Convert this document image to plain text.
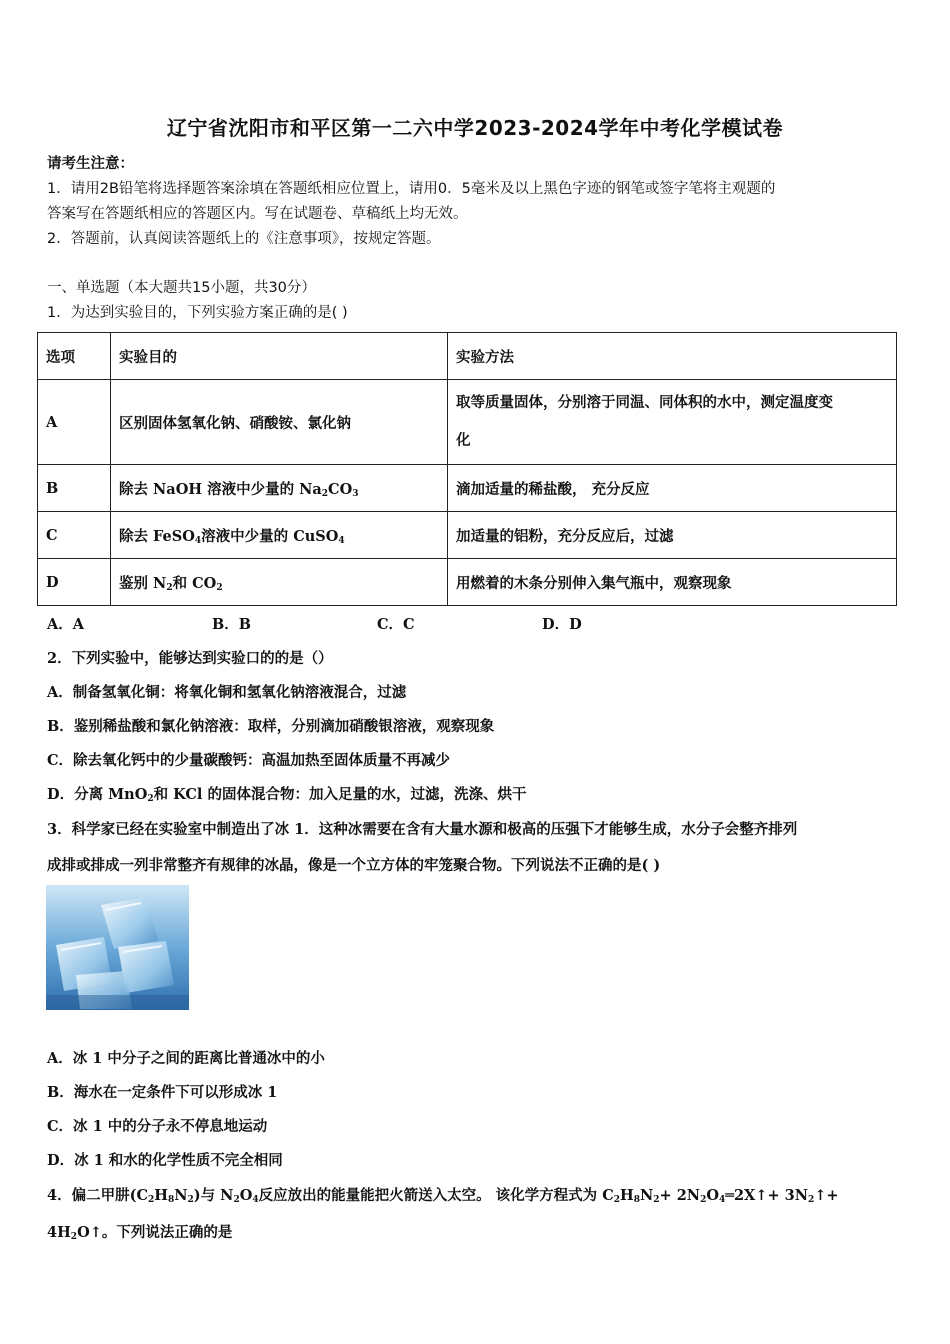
辽宁省沈阳市和平区第一二六中学2023-2024学年中考化学模试卷
请考生注意：
1．请用2B铅笔将选择题答案涂填在答题纸相应位置上，请用0．5毫米及以上黑色字迹的钢笔或签字笔将主观题的
答案写在答题纸相应的答题区内。写在试题卷、草稿纸上均无效。
2．答题前，认真阅读答题纸上的《注意事项》，按规定答题。
一、单选题（本大题共15小题，共30分）
1．为达到实验目的，下列实验方案正确的是( )
选项	实验目的	实验方法
A	区别固体氢氧化钠、硝酸铵、氯化钠	取等质量固体，分别溶于同温、同体积的水中，测定温度变
化

B	除去 NaOH 溶液中少量的 $Na_2CO_3$	滴加适量的稀盐酸， 充分反应
C	除去 FeSO$_4$溶液中少量的 CuSO$_4$	加适量的铝粉，充分反应后，过滤
D	鉴别 $N_2$和 $CO_2$	用燃着的木条分别伸入集气瓶中，观察现象
A．A	B．B	C．C	D．D
2．下列实验中，能够达到实验口的的是（）
A．制备氢氧化铜：将氧化铜和氢氧化钠溶液混合，过滤
B．鉴别稀盐酸和氯化钠溶液：取样，分别滴加硝酸银溶液，观察现象
C．除去氧化钙中的少量碳酸钙：高温加热至固体质量不再减少
D．分离 MnO$_2$和 KCl 的固体混合物：加入足量的水，过滤，洗涤、烘干
3．科学家已经在实验室中制造出了冰 1．这种冰需要在含有大量水源和极高的压强下才能够生成，水分子会整齐排列
成排或排成一列非常整齐有规律的冰晶，像是一个立方体的牢笼聚合物。下列说法不正确的是( )
A．冰 1 中分子之间的距离比普通冰中的小
B．海水在一定条件下可以形成冰 1
C．冰 1 中的分子永不停息地运动
D．冰 1 和水的化学性质不完全相同
4．偏二甲肼$(C_2H_8N_2)$与 $N_2O_4$反应放出的能量能把火箭送入太空。 该化学方程式为 $C_2H_8N_2+$ $2N_2O_4═2X↑+$ $3N_2↑+$
$4H_2O↑$。下列说法正确的是
